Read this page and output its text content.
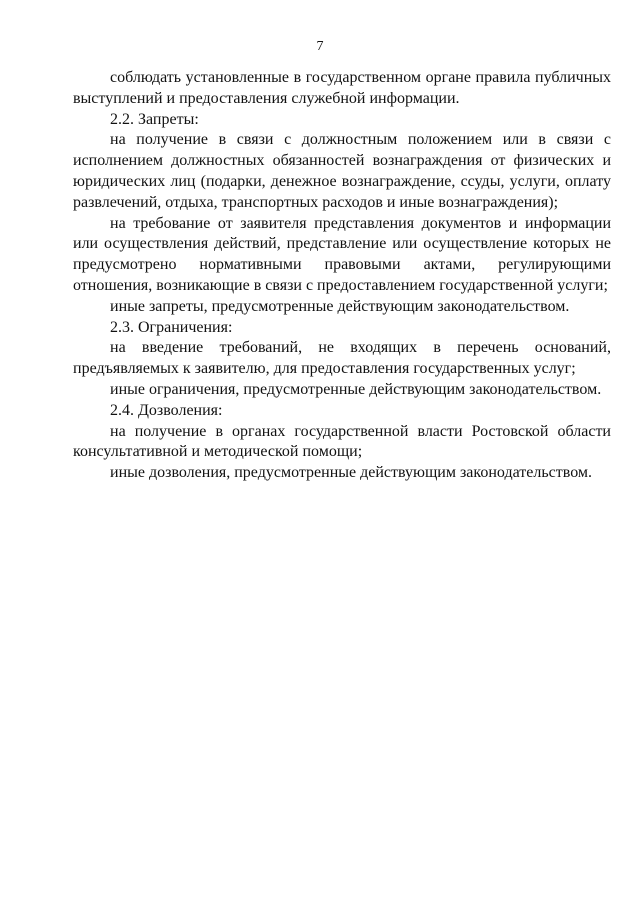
7

соблюдать установленные в государственном органе правила публичных выступлений и предоставления служебной информации.

2.2. Запреты:

на получение в связи с должностным положением или в связи с исполнением должностных обязанностей вознаграждения от физических и юридических лиц (подарки, денежное вознаграждение, ссуды, услуги, оплату развлечений, отдыха, транспортных расходов и иные вознаграждения);

на требование от заявителя представления документов и информации или осуществления действий, представление или осуществление которых не предусмотрено нормативными правовыми актами, регулирующими отношения, возникающие в связи с предоставлением государственной услуги;

иные запреты, предусмотренные действующим законодательством.

2.3. Ограничения:

на введение требований, не входящих в перечень оснований, предъявляемых к заявителю, для предоставления государственных услуг;

иные ограничения, предусмотренные действующим законодательством.

2.4. Дозволения:

на получение в органах государственной власти Ростовской области консультативной и методической помощи;

иные дозволения, предусмотренные действующим законодательством.
